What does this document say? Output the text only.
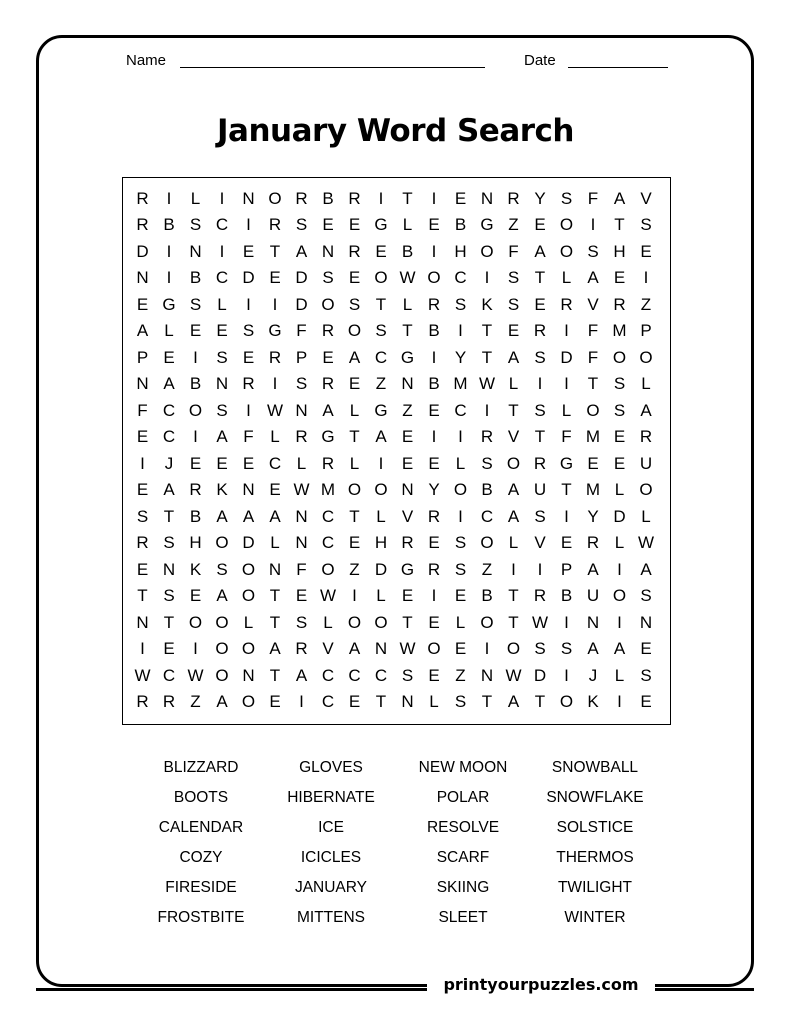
Name	Date
January Word Search
R	I	L	I	N O R B R	I	T	I	E N R Y S F A V
R B S C	I	R S E E G L E B G Z E O	I	T S
D	I	N	I	E T A N R E B	I	H O F A O S H E
N	I	B C D E D S E O W O C	I	S T L A E	I
E G S L	I	I	D O S T L R S K S E R V R Z
A L E E S G F R O S T B	I	T E R	I	F M P
P E	I	S E R P E A C G	I	Y T A S D F O O
N A B N R	I	S R E Z N B M W L	I	I	T S L
F C O S	I W N A L G Z E C	I	T S L O S A
E C	I	A F L R G T A E	I	I	R V T F M E R
I	J E E E C L R L	I	E E L S O R G E E U
E A R K N E W M O O N Y O B A U T M L O
S T B A A A N C T L V R	I	C A S	I	Y D L
R S H O D L N C E H R E S O L V E R L W
E N K S O N F O Z D G R S Z	I	I	P A	I	A
T S E A O T E W I	L E	I	E B T R B U O S
N T O O L T S L O O T E L O T W I	N	I	N
I	E	I	O O A R V A N W O E	I	O S S A A E
W C W O N T A C C C S E Z N W D	I	J	L S
R R Z A O E	I	C E T N L S T A T O K	I	E
BLIZZARD	GLOVES	NEW MOON	SNOWBALL
BOOTS	HIBERNATE	POLAR	SNOWFLAKE
CALENDAR	ICE	RESOLVE	SOLSTICE
COZY	ICICLES	SCARF	THERMOS
FIRESIDE	JANUARY	SKIING	TWILIGHT
FROSTBITE	MITTENS	SLEET	WINTER
printyourpuzzles.com
